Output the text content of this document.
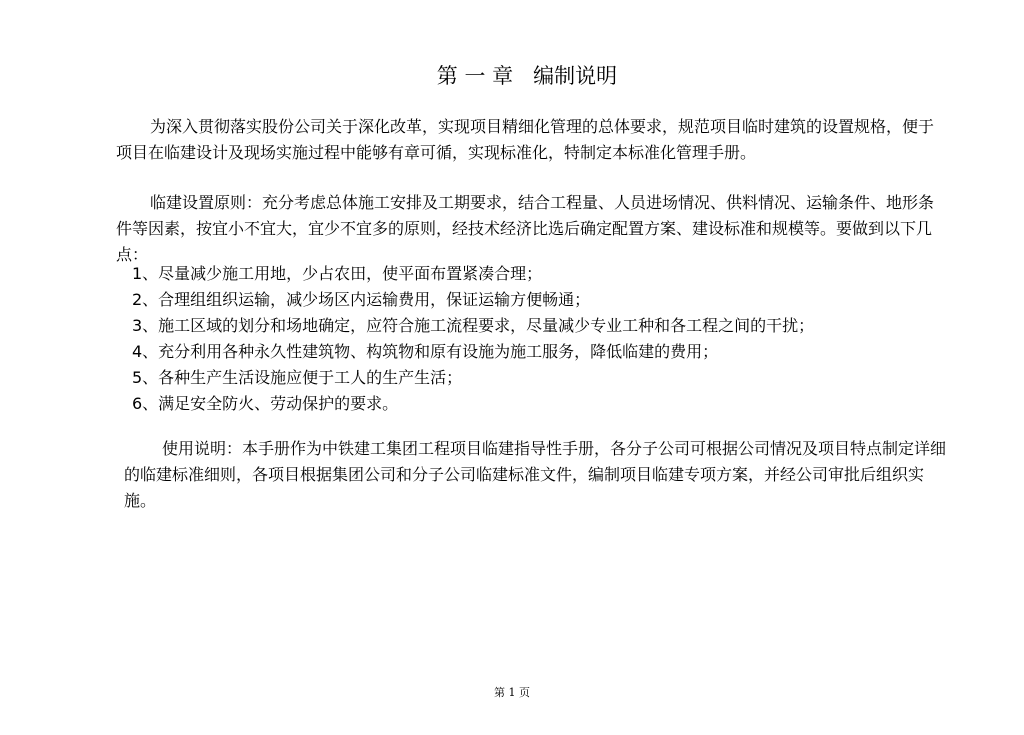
第 一 章   编制说明

为深入贯彻落实股份公司关于深化改革，实现项目精细化管理的总体要求，规范项目临时建筑的设置规格，便于项目在临建设计及现场实施过程中能够有章可循，实现标准化，特制定本标准化管理手册。

临建设置原则：充分考虑总体施工安排及工期要求，结合工程量、人员进场情况、供料情况、运输条件、地形条件等因素，按宜小不宜大，宜少不宜多的原则，经技术经济比选后确定配置方案、建设标准和规模等。要做到以下几点：

1、尽量减少施工用地，少占农田，使平面布置紧凑合理；
2、合理组组织运输，减少场区内运输费用，保证运输方便畅通；
3、施工区域的划分和场地确定，应符合施工流程要求，尽量减少专业工种和各工程之间的干扰；
4、充分利用各种永久性建筑物、构筑物和原有设施为施工服务，降低临建的费用；
5、各种生产生活设施应便于工人的生产生活；
6、满足安全防火、劳动保护的要求。

使用说明：本手册作为中铁建工集团工程项目临建指导性手册，各分子公司可根据公司情况及项目特点制定详细的临建标准细则，各项目根据集团公司和分子公司临建标准文件，编制项目临建专项方案，并经公司审批后组织实施。

第 1 页
